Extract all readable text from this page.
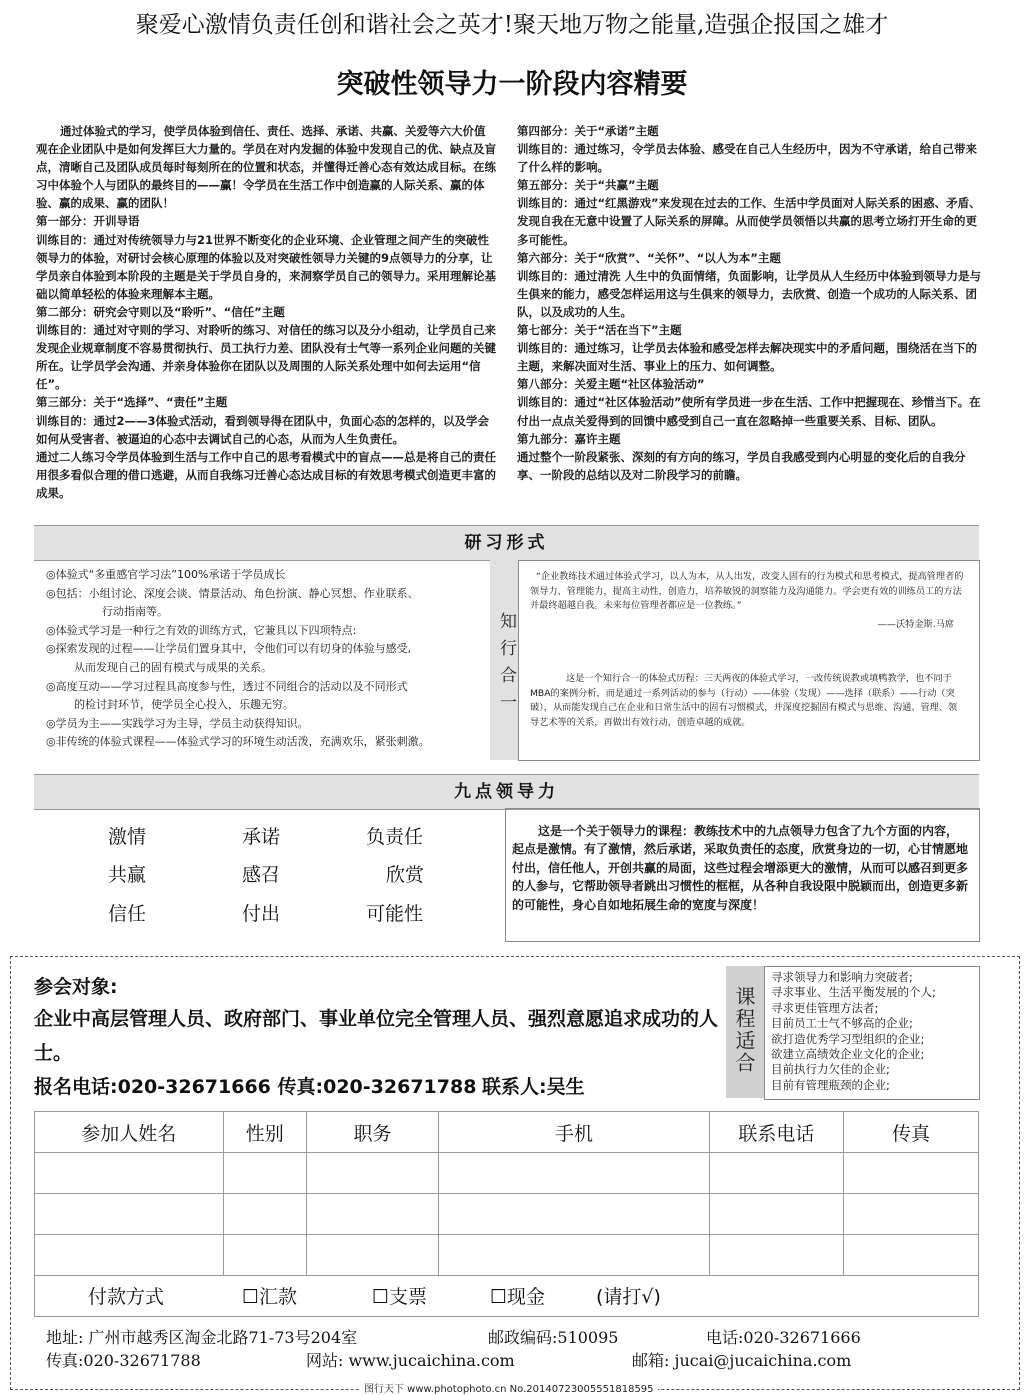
聚爱心激情负责任创和谐社会之英才!聚天地万物之能量,造强企报国之雄才
突破性领导力一阶段内容精要

通过体验式的学习，使学员体验到信任、责任、选择、承诺、共赢、关爱等六大价值观在企业团队中是如何发挥巨大力量的。学员在对内发掘的体验中发现自己的优、缺点及盲点，清晰自己及团队成员每时每刻所在的位置和状态，并懂得迁善心态有效达成目标。在练习中体验个人与团队的最终目的——赢！令学员在生活工作中创造赢的人际关系、赢的体验、赢的成果、赢的团队！

第一部分：开训导语

训练目的：通过对传统领导力与21世界不断变化的企业环境、企业管理之间产生的突破性领导力的体验，对研讨会核心原理的体验以及对突破性领导力关键的9点领导力的分享，让学员亲自体验到本阶段的主题是关于学员自身的，来洞察学员自己的领导力。采用理解论基础以简单轻松的体验来理解本主题。

第二部分：研究会守则以及“聆听”、“信任”主题

训练目的：通过对守则的学习、对聆听的练习、对信任的练习以及分小组动，让学员自己来发现企业规章制度不容易贯彻执行、员工执行力差、团队没有士气等一系列企业问题的关键所在。让学员学会沟通、并亲身体验你在团队以及周围的人际关系处理中如何去运用“信任”。

第三部分：关于“选择”、“责任”主题

训练目的：通过2——3体验式活动，看到领导得在团队中，负面心态的怎样的，以及学会如何从受害者、被逼迫的心态中去调试自己的心态，从而为人生负责任。

通过二人练习令学员体验到生活与工作中自己的思考看模式中的盲点——总是将自己的责任用很多看似合理的借口逃避，从而自我练习迁善心态达成目标的有效思考模式创造更丰富的成果。

第四部分：关于“承诺”主题

训练目的：通过练习，令学员去体验、感受在自己人生经历中，因为不守承诺，给自己带来了什么样的影响。

第五部分：关于“共赢”主题

训练目的：通过“红黑游戏”来发现在过去的工作、生活中学员面对人际关系的困惑、矛盾、发现自我在无意中设置了人际关系的屏障。从而使学员领悟以共赢的思考立场打开生命的更多可能性。

第六部分：关于“欣赏”、“关怀”、“以人为本”主题

训练目的：通过清洗 人生中的负面情绪，负面影响，让学员从人生经历中体验到领导力是与生俱来的能力，感受怎样运用这与生俱来的领导力，去欣赏、创造一个成功的人际关系、团队，以及成功的人生。

第七部分：关于“活在当下”主题

训练目的：通过练习，让学员去体验和感受怎样去解决现实中的矛盾问题，围绕活在当下的主题，来解决面对生活、事业上的压力、如何调整。

第八部分：关爱主题“社区体验活动”

训练目的：通过“社区体验活动”使所有学员进一步在生活、工作中把握现在、珍惜当下。在付出一点点关爱得到的回馈中感受到自己一直在忽略掉一些重要关系、目标、团队。

第九部分：嘉许主题

通过整个一阶段紧张、深刻的有方向的练习，学员自我感受到内心明显的变化后的自我分享、一阶段的总结以及对二阶段学习的前瞻。

研习形式

◎体验式“多重感官学习法”100%承诺于学员成长

◎包括：小组讨论、深度会谈、情景活动、角色扮演、静心冥想、作业联系、

行动指南等。

◎体验式学习是一种行之有效的训练方式，它兼具以下四项特点:

◎探索发现的过程——让学员们置身其中，令他们可以有切身的体验与感受,

从而发现自己的固有模式与成果的关系。

◎高度互动——学习过程具高度参与性，透过不同组合的活动以及不同形式

的检讨封环节，使学员全心投入，乐趣无穷。

◎学员为主——实践学习为主导，学员主动获得知识。

◎非传统的体验式课程——体验式学习的环境生动活泼，充满欢乐，紧张刺激。

知行合一

“企业教练技术通过体验式学习，以人为本，从人出发，改变人固有的行为模式和思考模式，提高管理者的领导力、管理能力，提高主动性，创造力，培养敏锐的洞察能力及沟通能力。学会更有效的训练员工的方法并最终超越自我。未来每位管理者都应是一位教练。”

——沃特金斯.马席

这是一个知行合一的体验式历程：三天两夜的体验式学习，一改传统说教或填鸭教学，也不同于MBA的案例分析，而是通过一系列活动的参与（行动）——体验（发现）——选择（联系）——行动（突破），从而能发现自己在企业和日常生活中的固有习惯模式，并深度挖掘固有模式与思维、沟通、管理、领导艺术等的关系，再做出有效行动，创造卓越的成就。

九点领导力
激情	承诺	负责任
共赢	感召	欣赏
信任	付出	可能性

这是一个关于领导力的课程：教练技术中的九点领导力包含了九个方面的内容，起点是激情。有了激情，然后承诺，采取负责任的态度，欣赏身边的一切，心甘情愿地付出，信任他人，开创共赢的局面，这些过程会增添更大的激情，从而可以感召到更多的人参与，它帮助领导者跳出习惯性的框框，从各种自我设限中脱颖而出，创造更多新的可能性，身心自如地拓展生命的宽度与深度！

参会对象:
企业中高层管理人员、政府部门、事业单位完全管理人员、强烈意愿追求成功的人士。
报名电话:020-32671666 传真:020-32671788 联系人:吴生
课程适合

寻求领导力和影响力突破者;

寻求事业、生活平衡发展的个人;

寻求更佳管理方法者;

目前员工士气不够高的企业;

欲打造优秀学习型组织的企业;

欲建立高绩效企业文化的企业;

目前执行力欠佳的企业;

目前有管理瓶颈的企业;

参加人姓名	性别	职务	手机	联系电话	传真

付款方式	☐汇款	☐支票	☐现金	(请打√)
地址: 广州市越秀区淘金北路71-73号204室	邮政编码:510095	电话:020-32671666
传真:020-32671788	网站: www.jucaichina.com	邮箱: jucai@jucaichina.com
图行天下 www.photophoto.cn No.20140723005551818595
